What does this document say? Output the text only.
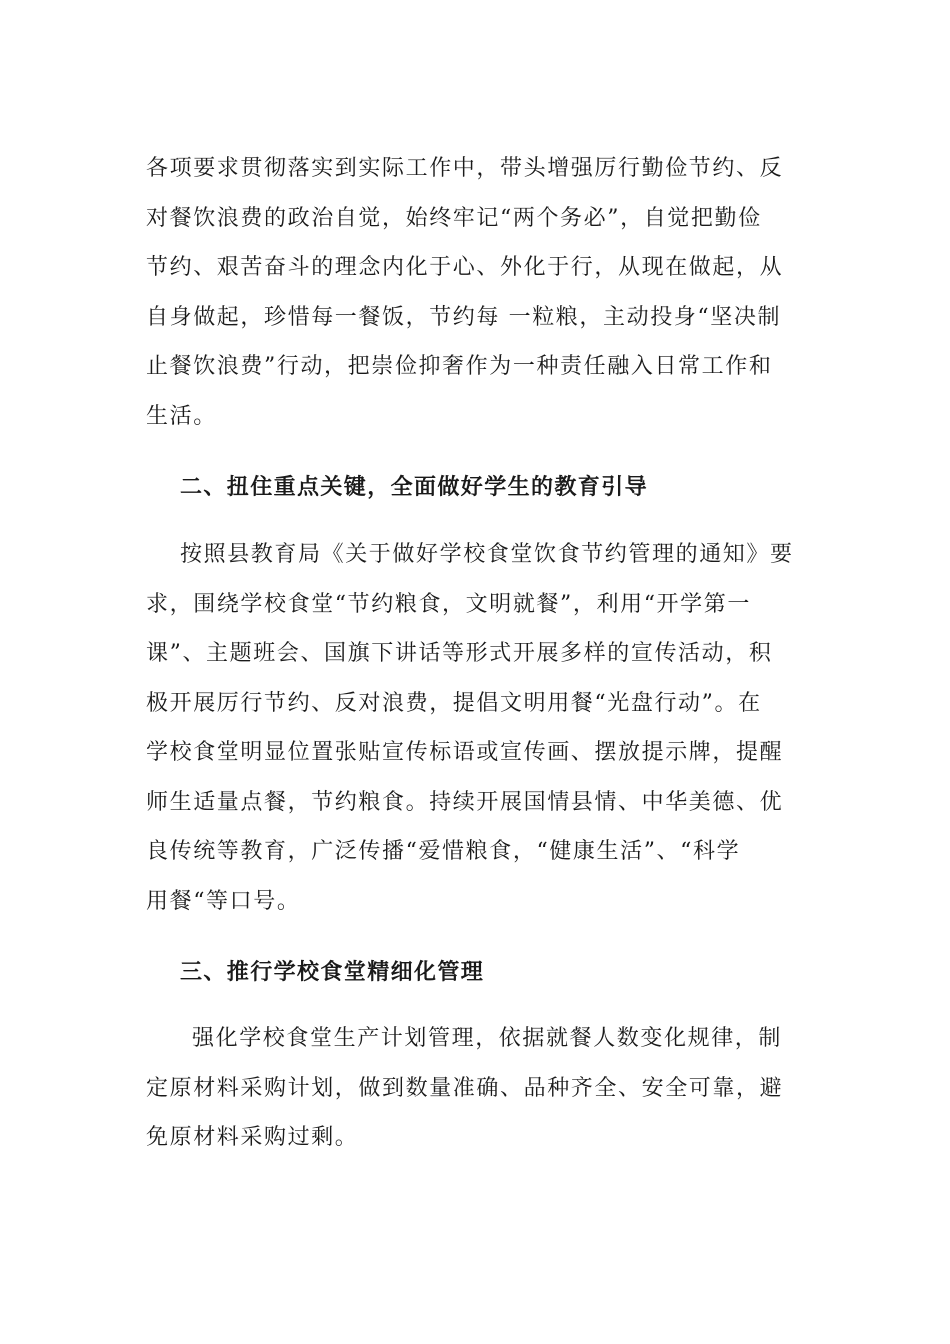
各项要求贯彻落实到实际工作中，带头增强厉行勤俭节约、反
对餐饮浪费的政治自觉，始终牢记“两个务必”，自觉把勤俭
节约、艰苦奋斗的理念内化于心、外化于行，从现在做起，从
自身做起，珍惜每一餐饭，节约每 一粒粮，主动投身“坚决制
止餐饮浪费”行动，把崇俭抑奢作为一种责任融入日常工作和
生活。
二、扭住重点关键，全面做好学生的教育引导
按照县教育局《关于做好学校食堂饮食节约管理的通知》要
求，围绕学校食堂“节约粮食，文明就餐”，利用“开学第一
课”、主题班会、国旗下讲话等形式开展多样的宣传活动，积
极开展厉行节约、反对浪费，提倡文明用餐“光盘行动”。在
学校食堂明显位置张贴宣传标语或宣传画、摆放提示牌，提醒
师生适量点餐，节约粮食。持续开展国情县情、中华美德、优
良传统等教育，广泛传播“爱惜粮食，“健康生活”、“科学
用餐“等口号。
三、推行学校食堂精细化管理
强化学校食堂生产计划管理，依据就餐人数变化规律，制
定原材料采购计划，做到数量准确、品种齐全、安全可靠，避
免原材料采购过剩。
